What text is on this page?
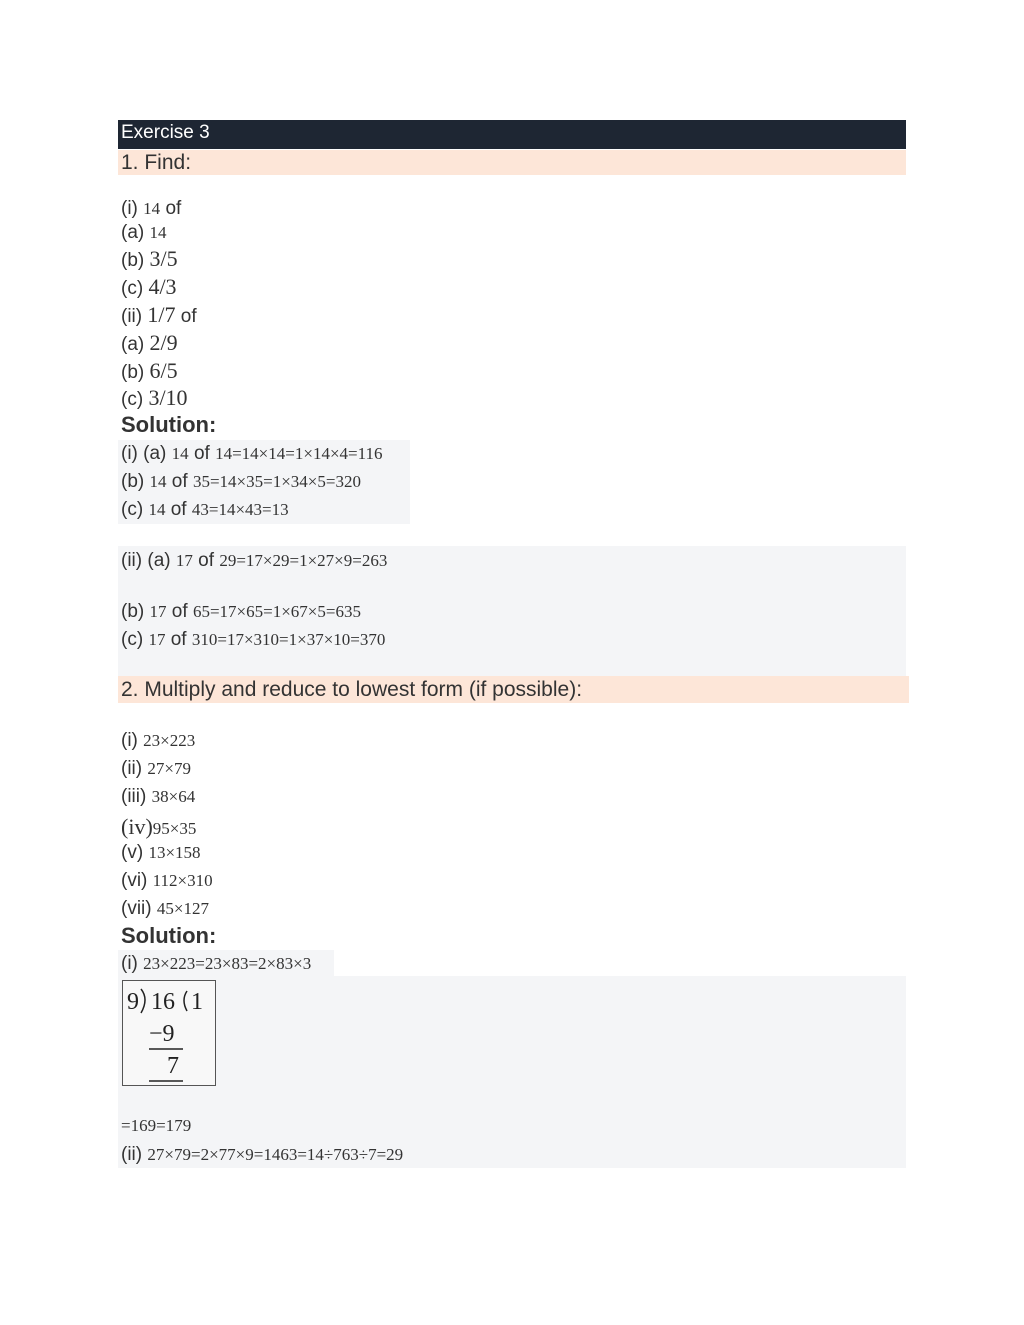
Exercise 3
1. Find:
(i) 14 of
(a) 14
(b) 3/5
(c) 4/3
(ii) 1/7 of
(a) 2/9
(b) 6/5
(c) 3/10
Solution:
(i) (a) 14 of 14=14×14=1×14×4=116
(b) 14 of 35=14×35=1×34×5=320
(c) 14 of 43=14×43=13
(ii) (a) 17 of 29=17×29=1×27×9=263
(b) 17 of 65=17×65=1×67×5=635
(c) 17 of 310=17×310=1×37×10=370
2. Multiply and reduce to lowest form (if possible):
(i) 23×223
(ii) 27×79
(iii) 38×64
(iv)95×35
(v) 13×158
(vi) 112×310
(vii) 45×127
Solution:
(i) 23×223=23×83=2×83×3
9 16 1
−9
7
=169=179
(ii) 27×79=2×77×9=1463=14÷763÷7=29
